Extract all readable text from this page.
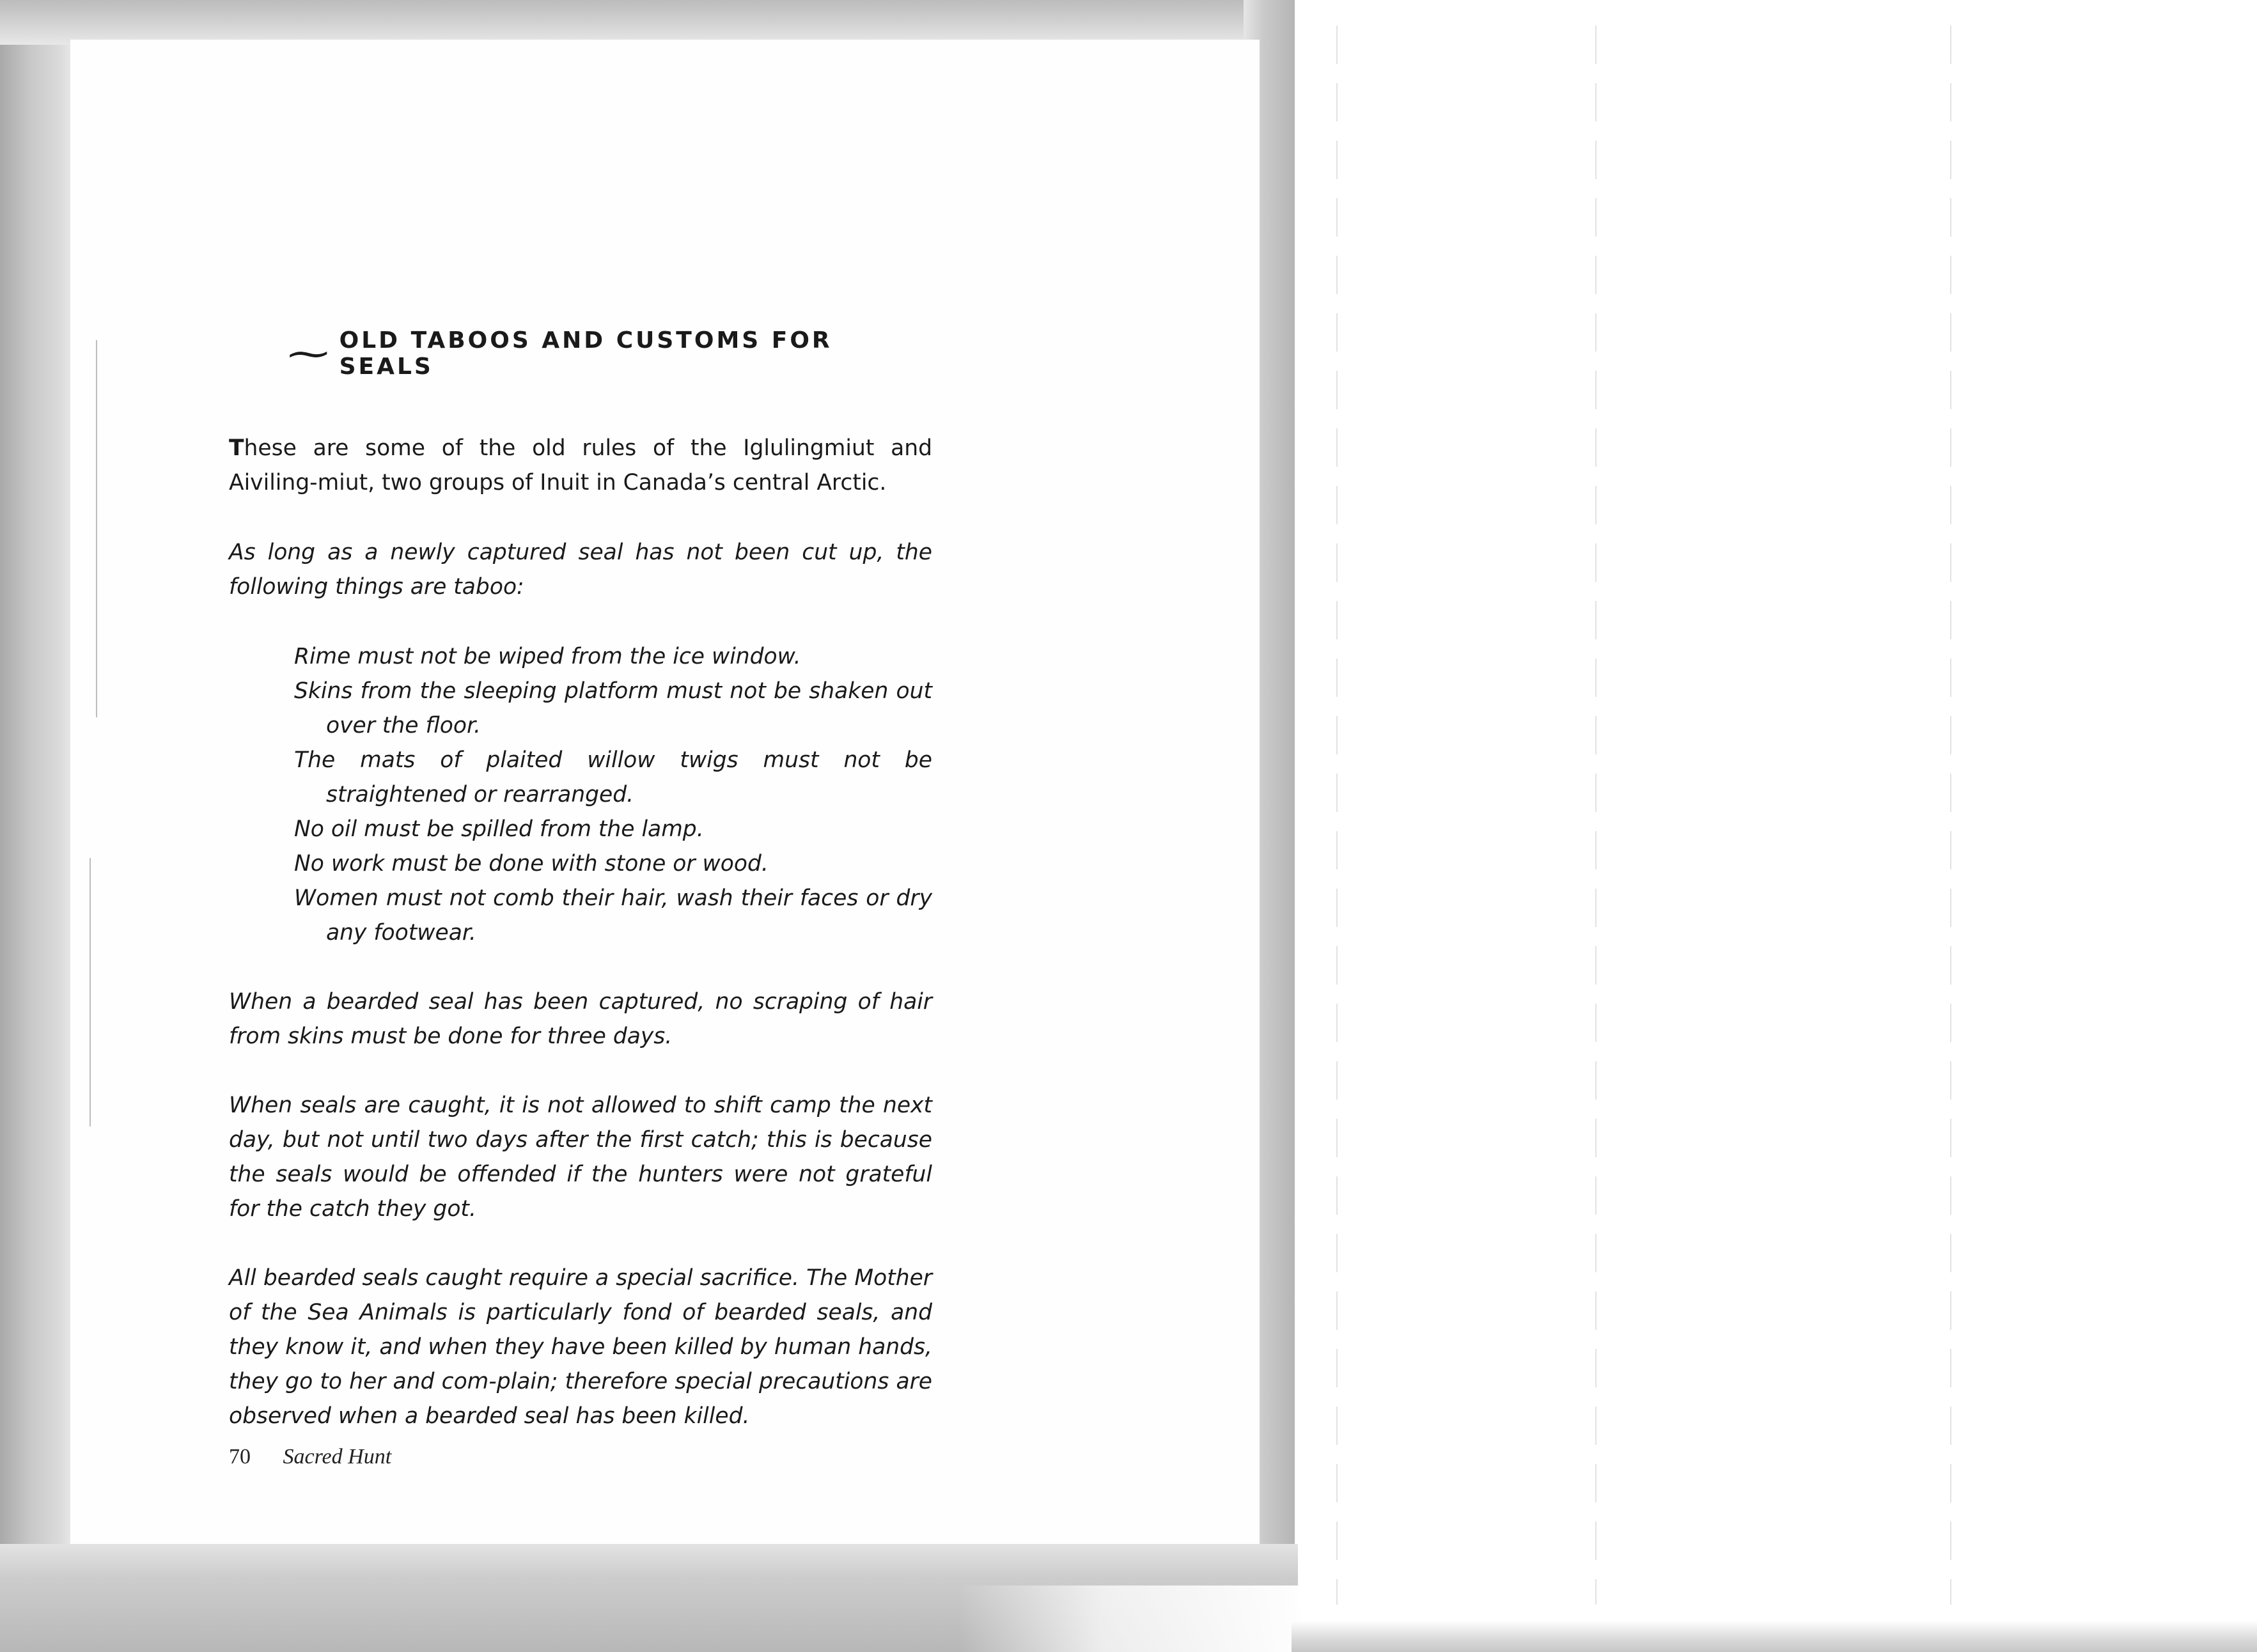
~ OLD TABOOS AND CUSTOMS FOR SEALS

These are some of the old rules of the Iglulingmiut and Aiviling-miut, two groups of Inuit in Canada’s central Arctic.

As long as a newly captured seal has not been cut up, the following things are taboo:

Rime must not be wiped from the ice window.
Skins from the sleeping platform must not be shaken out over the floor.
The mats of plaited willow twigs must not be straightened or rearranged.
No oil must be spilled from the lamp.
No work must be done with stone or wood.
Women must not comb their hair, wash their faces or dry any footwear.

When a bearded seal has been captured, no scraping of hair from skins must be done for three days.

When seals are caught, it is not allowed to shift camp the next day, but not until two days after the first catch; this is because the seals would be offended if the hunters were not grateful for the catch they got.

All bearded seals caught require a special sacrifice. The Mother of the Sea Animals is particularly fond of bearded seals, and they know it, and when they have been killed by human hands, they go to her and com-plain; therefore special precautions are observed when a bearded seal has been killed.

70 Sacred Hunt
